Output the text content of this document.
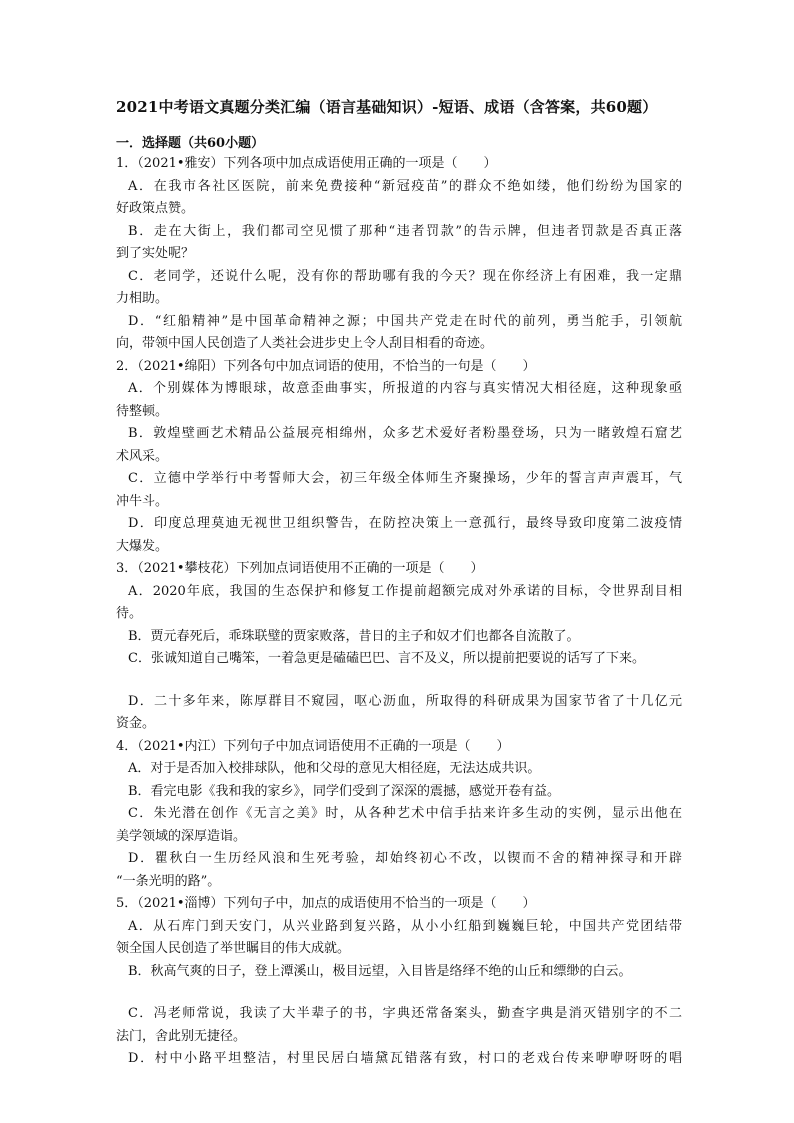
2021中考语文真题分类汇编（语言基础知识）-短语、成语（含答案，共60题）
一．选择题（共60小题）
1．（2021•雅安）下列各项中加点成语使用正确的一项是（　　）
A．在我市各社区医院，前来免费接种“新冠疫苗”的群众不绝如缕，他们纷纷为国家的
好政策点赞。
B．走在大街上，我们都司空见惯了那种“违者罚款”的告示牌，但违者罚款是否真正落
到了实处呢？
C．老同学，还说什么呢，没有你的帮助哪有我的今天？现在你经济上有困难，我一定鼎
力相助。
D．“红船精神”是中国革命精神之源；中国共产党走在时代的前列，勇当舵手，引领航
向，带领中国人民创造了人类社会进步史上令人刮目相看的奇迹。
2．（2021•绵阳）下列各句中加点词语的使用，不恰当的一句是（　　）
A．个别媒体为博眼球，故意歪曲事实，所报道的内容与真实情况大相径庭，这种现象亟
待整顿。
B．敦煌壁画艺术精品公益展亮相绵州，众多艺术爱好者粉墨登场，只为一睹敦煌石窟艺
术风采。
C．立德中学举行中考誓师大会，初三年级全体师生齐聚操场，少年的誓言声声震耳，气
冲牛斗。
D．印度总理莫迪无视世卫组织警告，在防控决策上一意孤行，最终导致印度第二波疫情
大爆发。
3．（2021•攀枝花）下列加点词语使用不正确的一项是（　　）
A．2020年底，我国的生态保护和修复工作提前超额完成对外承诺的目标，令世界刮目相
待。
B．贾元春死后，乖珠联璧的贾家败落，昔日的主子和奴才们也都各自流散了。
C．张诚知道自己嘴笨，一着急更是磕磕巴巴、言不及义，所以提前把要说的话写了下来。
D．二十多年来，陈厚群目不窥园，呕心沥血，所取得的科研成果为国家节省了十几亿元
资金。
4．（2021•内江）下列句子中加点词语使用不正确的一项是（　　）
A．对于是否加入校排球队，他和父母的意见大相径庭，无法达成共识。
B．看完电影《我和我的家乡》，同学们受到了深深的震撼，感觉开卷有益。
C．朱光潜在创作《无言之美》时，从各种艺术中信手拈来许多生动的实例，显示出他在
美学领域的深厚造诣。
D．瞿秋白一生历经风浪和生死考验，却始终初心不改，以锲而不舍的精神探寻和开辟
“一条光明的路”。
5．（2021•淄博）下列句子中，加点的成语使用不恰当的一项是（　　）
A．从石库门到天安门，从兴业路到复兴路，从小小红船到巍巍巨轮，中国共产党团结带
领全国人民创造了举世瞩目的伟大成就。
B．秋高气爽的日子，登上潭溪山，极目远望，入目皆是络绎不绝的山丘和缥缈的白云。
C．冯老师常说，我读了大半辈子的书，字典还常备案头，勤查字典是消灭错别字的不二
法门，舍此别无捷径。
D．村中小路平坦整洁，村里民居白墙黛瓦错落有致，村口的老戏台传来咿咿呀呀的唱
